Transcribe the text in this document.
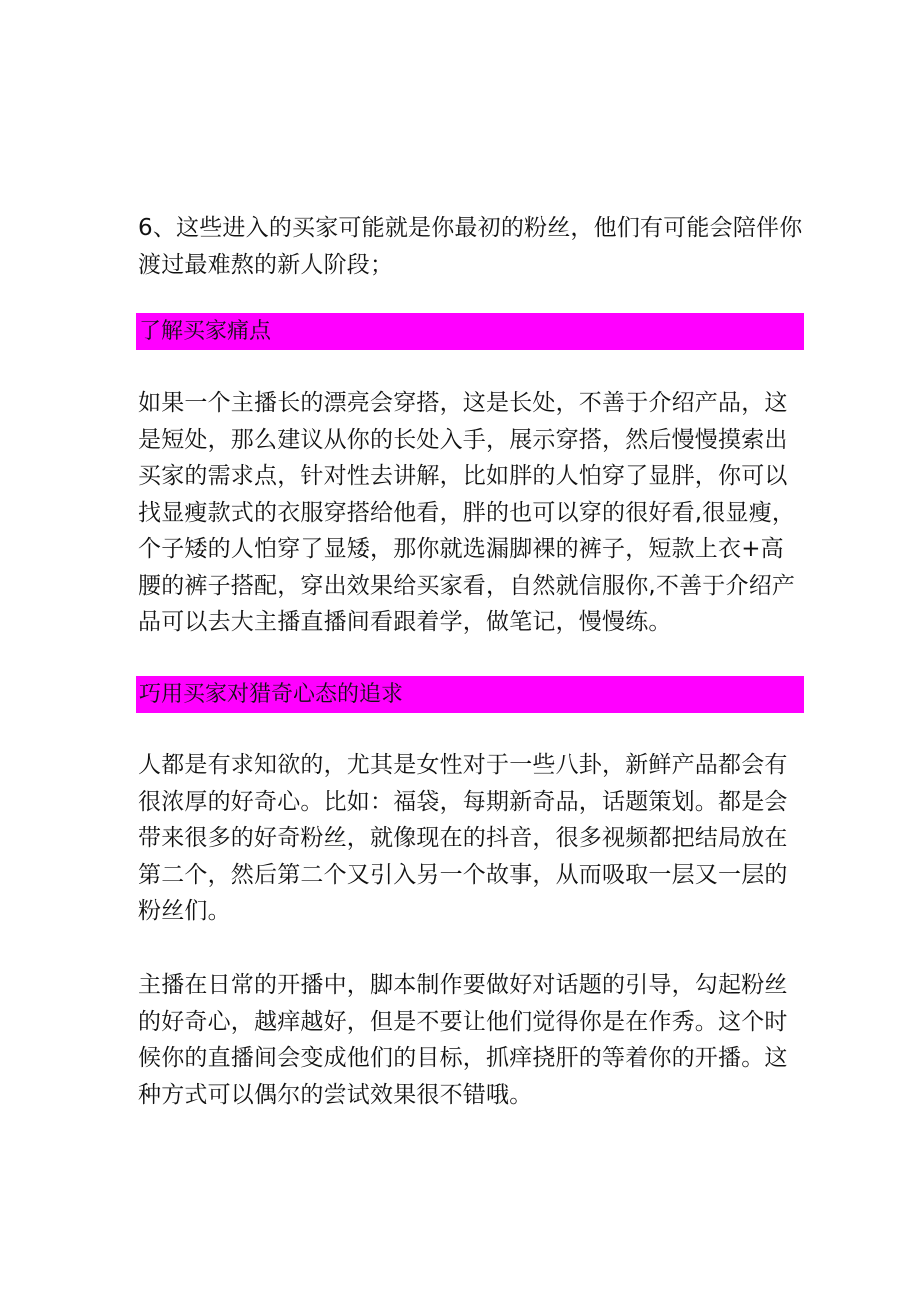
6、这些进入的买家可能就是你最初的粉丝，他们有可能会陪伴你渡过最难熬的新人阶段；

了解买家痛点

如果一个主播长的漂亮会穿搭，这是长处，不善于介绍产品，这是短处，那么建议从你的长处入手，展示穿搭，然后慢慢摸索出买家的需求点，针对性去讲解，比如胖的人怕穿了显胖，你可以找显瘦款式的衣服穿搭给他看，胖的也可以穿的很好看,很显瘦，个子矮的人怕穿了显矮，那你就选漏脚裸的裤子，短款上衣+高腰的裤子搭配，穿出效果给买家看，自然就信服你,不善于介绍产品可以去大主播直播间看跟着学，做笔记，慢慢练。

巧用买家对猎奇心态的追求

人都是有求知欲的，尤其是女性对于一些八卦，新鲜产品都会有很浓厚的好奇心。比如：福袋，每期新奇品，话题策划。都是会带来很多的好奇粉丝，就像现在的抖音，很多视频都把结局放在第二个，然后第二个又引入另一个故事，从而吸取一层又一层的粉丝们。

主播在日常的开播中，脚本制作要做好对话题的引导，勾起粉丝的好奇心，越痒越好，但是不要让他们觉得你是在作秀。这个时候你的直播间会变成他们的目标，抓痒挠肝的等着你的开播。这种方式可以偶尔的尝试效果很不错哦。
